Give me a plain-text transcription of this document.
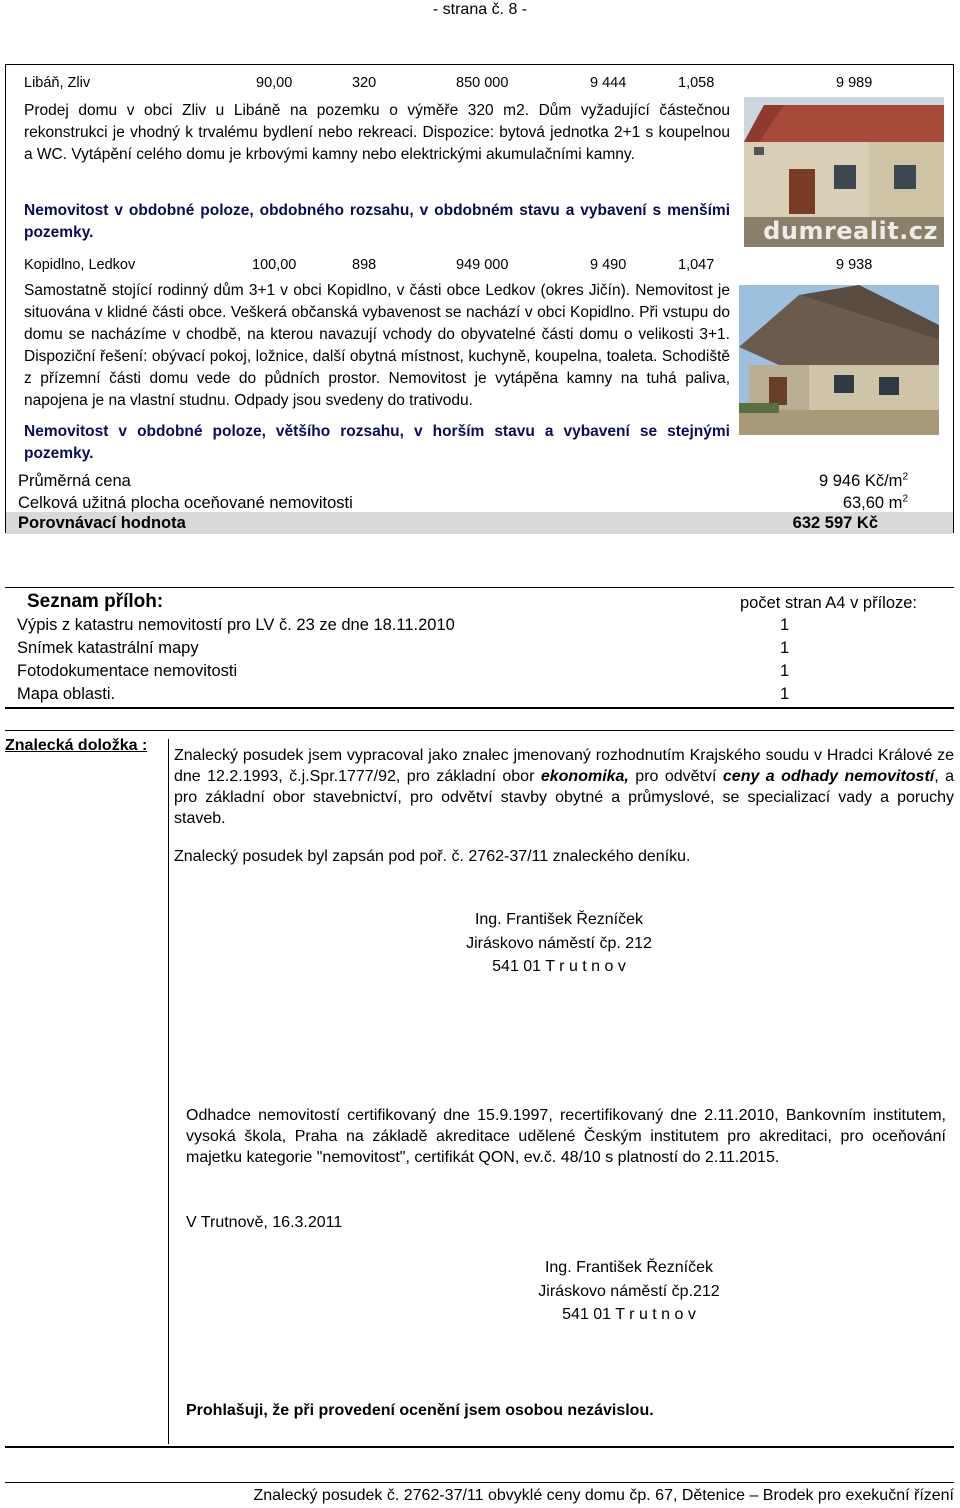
- strana č. 8 -
Libáň, Zliv	90,00	320	850 000	9 444	1,058	9 989
Prodej domu v obci Zliv u Libáně na pozemku o výměře 320 m2. Dům vyžadující částečnou rekonstrukci je vhodný k trvalému bydlení nebo rekreaci. Dispozice: bytová jednotka 2+1 s koupelnou a WC. Vytápění celého domu je krbovými kamny nebo elektrickými akumulačními kamny.
Nemovitost v obdobné poloze, obdobného rozsahu, v obdobném stavu a vybavení s menšími pozemky.	dumrealit.cz
Kopidlno, Ledkov	100,00	898	949 000	9 490	1,047	9 938
Samostatně stojící rodinný dům 3+1 v obci Kopidlno, v části obce Ledkov (okres Jičín). Nemovitost je situována v klidné části obce. Veškerá občanská vybavenost se nachází v obci Kopidlno. Při vstupu do domu se nacházíme v chodbě, na kterou navazují vchody do obyvatelné části domu o velikosti 3+1. Dispoziční řešení: obývací pokoj, ložnice, další obytná místnost, kuchyně, koupelna, toaleta. Schodiště z přízemní části domu vede do půdních prostor. Nemovitost je vytápěna kamny na tuhá paliva, napojena je na vlastní studnu. Odpady jsou svedeny do trativodu.
Nemovitost v obdobné poloze, většího rozsahu, v horším stavu a vybavení se stejnými pozemky.
Průměrná cena	9 946 $Kč/m^2$
Celková užitná plocha oceňované nemovitosti	63,60 $m^2$
Porovnávací hodnota	632 597 Kč
Seznam příloh:	počet stran A4 v příloze:
Výpis z katastru nemovitostí pro LV č. 23 ze dne 18.11.2010	1
Snímek katastrální mapy	1
Fotodokumentace nemovitosti	1
Mapa oblasti.	1
Znalecká doložka :
Znalecký posudek jsem vypracoval jako znalec jmenovaný rozhodnutím Krajského soudu v Hradci Králové ze dne 12.2.1993, č.j.Spr.1777/92, pro základní obor ekonomika, pro odvětví ceny a odhady nemovitostí, a pro základní obor stavebnictví, pro odvětví stavby obytné a průmyslové, se specializací vady a poruchy staveb.
Znalecký posudek byl zapsán pod poř. č. 2762-37/11 znaleckého deníku.
Ing. František Řezníček
Jiráskovo náměstí čp. 212
541 01 T r u t n o v
Odhadce nemovitostí certifikovaný dne 15.9.1997, recertifikovaný dne 2.11.2010, Bankovním institutem, vysoká škola, Praha na základě akreditace udělené Českým institutem pro akreditaci, pro oceňování majetku kategorie "nemovitost", certifikát QON, ev.č. 48/10 s platností do 2.11.2015.
V Trutnově, 16.3.2011
Ing. František Řezníček
Jiráskovo náměstí čp.212
541 01 T r u t n o v
Prohlašuji, že při provedení ocenění jsem osobou nezávislou.
Znalecký posudek č. 2762-37/11 obvyklé ceny domu čp. 67, Dětenice – Brodek pro exekuční řízení
